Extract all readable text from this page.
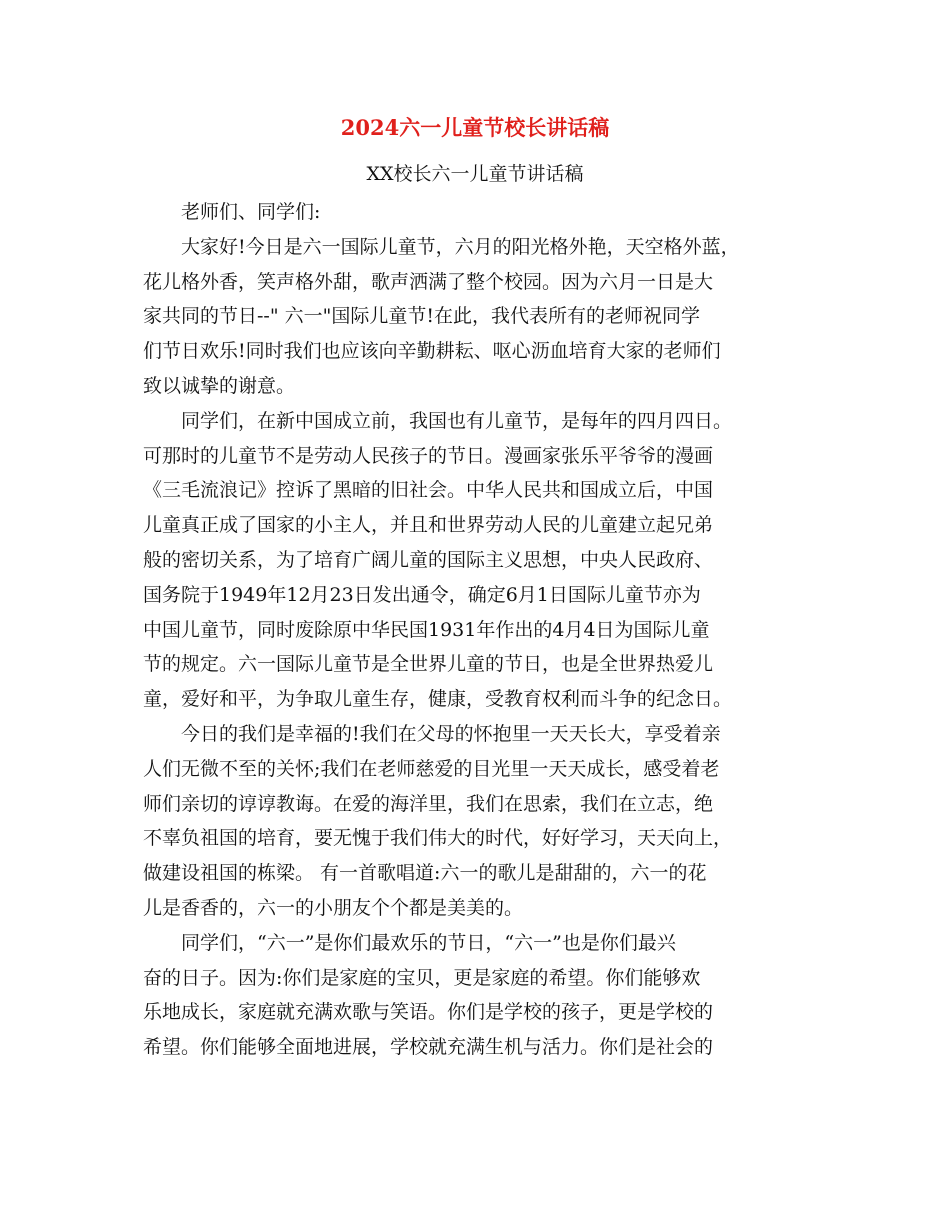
2024六一儿童节校长讲话稿
XX校长六一儿童节讲话稿

老师们、同学们:

大家好!今日是六一国际儿童节，六月的阳光格外艳，天空格外蓝，
花儿格外香，笑声格外甜，歌声洒满了整个校园。因为六月一日是大
家共同的节日--" 六一"国际儿童节!在此，我代表所有的老师祝同学
们节日欢乐!同时我们也应该向辛勤耕耘、呕心沥血培育大家的老师们
致以诚挚的谢意。

同学们，在新中国成立前，我国也有儿童节，是每年的四月四日。
可那时的儿童节不是劳动人民孩子的节日。漫画家张乐平爷爷的漫画
《三毛流浪记》控诉了黑暗的旧社会。中华人民共和国成立后，中国
儿童真正成了国家的小主人，并且和世界劳动人民的儿童建立起兄弟
般的密切关系，为了培育广阔儿童的国际主义思想，中央人民政府、
国务院于1949年12月23日发出通令，确定6月1日国际儿童节亦为
中国儿童节，同时废除原中华民国1931年作出的4月4日为国际儿童
节的规定。六一国际儿童节是全世界儿童的节日，也是全世界热爱儿
童，爱好和平，为争取儿童生存，健康，受教育权利而斗争的纪念日。

今日的我们是幸福的!我们在父母的怀抱里一天天长大，享受着亲
人们无微不至的关怀;我们在老师慈爱的目光里一天天成长，感受着老
师们亲切的谆谆教诲。在爱的海洋里，我们在思索，我们在立志，绝
不辜负祖国的培育，要无愧于我们伟大的时代，好好学习，天天向上，
做建设祖国的栋梁。 有一首歌唱道:六一的歌儿是甜甜的，六一的花
儿是香香的，六一的小朋友个个都是美美的。

同学们，“六一”是你们最欢乐的节日，“六一”也是你们最兴
奋的日子。因为:你们是家庭的宝贝，更是家庭的希望。你们能够欢
乐地成长，家庭就充满欢歌与笑语。你们是学校的孩子，更是学校的
希望。你们能够全面地进展，学校就充满生机与活力。你们是社会的
